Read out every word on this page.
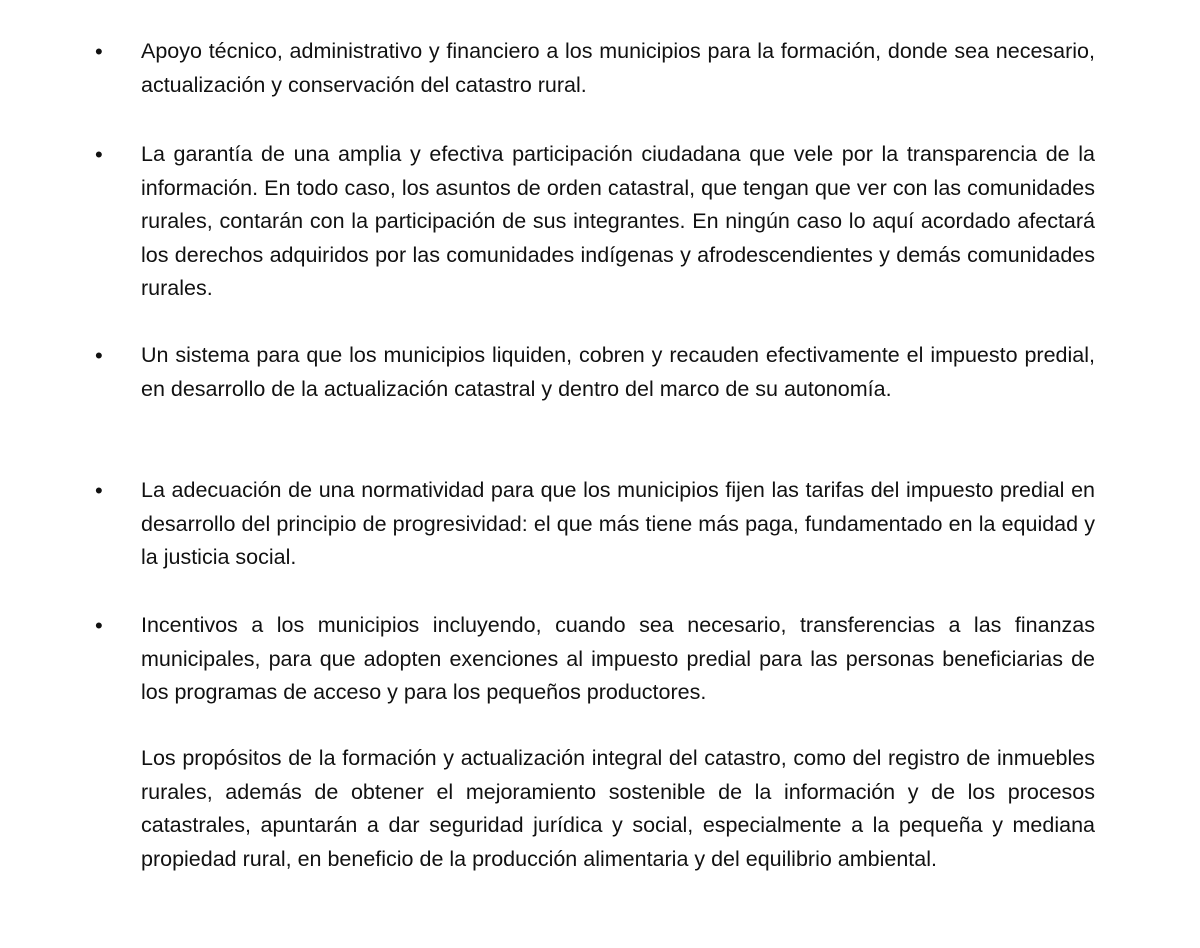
• Apoyo técnico, administrativo y financiero a los municipios para la formación, donde sea necesario, actualización y conservación del catastro rural.

• La garantía de una amplia y efectiva participación ciudadana que vele por la transparencia de la información. En todo caso, los asuntos de orden catastral, que tengan que ver con las comunidades rurales, contarán con la participación de sus integrantes. En ningún caso lo aquí acordado afectará los derechos adquiridos por las comunidades indígenas y afrodescendientes y demás comunidades rurales.

• Un sistema para que los municipios liquiden, cobren y recauden efectivamente el impuesto predial, en desarrollo de la actualización catastral y dentro del marco de su autonomía.

• La adecuación de una normatividad para que los municipios fijen las tarifas del impuesto predial en desarrollo del principio de progresividad: el que más tiene más paga, fundamentado en la equidad y la justicia social.

• Incentivos a los municipios incluyendo, cuando sea necesario, transferencias a las finanzas municipales, para que adopten exenciones al impuesto predial para las personas beneficiarias de los programas de acceso y para los pequeños productores.

Los propósitos de la formación y actualización integral del catastro, como del registro de inmuebles rurales, además de obtener el mejoramiento sostenible de la información y de los procesos catastrales, apuntarán a dar seguridad jurídica y social, especialmente a la pequeña y mediana propiedad rural, en beneficio de la producción alimentaria y del equilibrio ambiental.
